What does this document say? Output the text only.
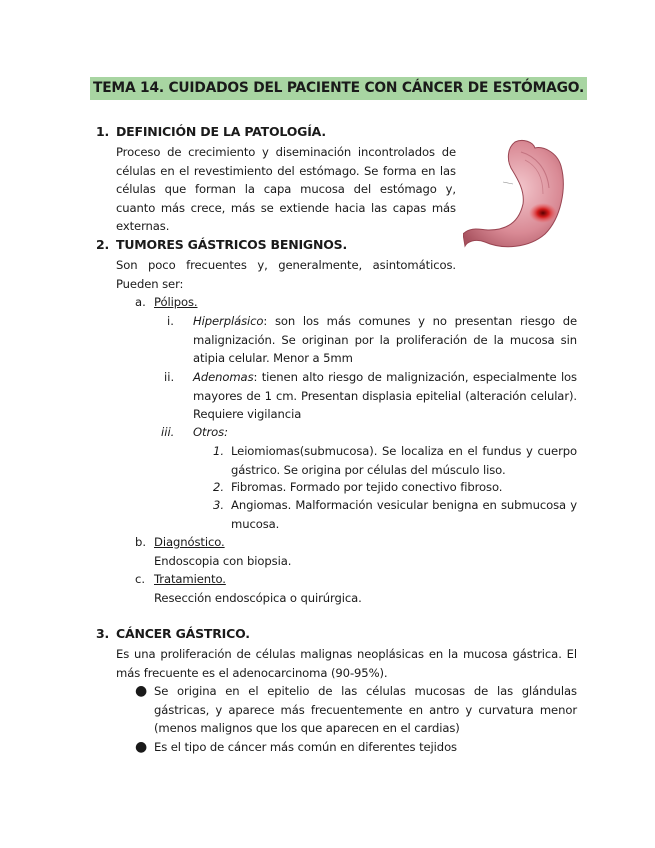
TEMA 14. CUIDADOS DEL PACIENTE CON CÁNCER DE ESTÓMAGO.
1. DEFINICIÓN DE LA PATOLOGÍA.
Proceso de crecimiento y diseminación incontrolados de células en el revestimiento del estómago. Se forma en las células que forman la capa mucosa del estómago y, cuanto más crece, más se extiende hacia las capas más externas.
2. TUMORES GÁSTRICOS BENIGNOS.
Son poco frecuentes y, generalmente, asintomáticos. Pueden ser:
a. Pólipos.
i. Hiperplásico: son los más comunes y no presentan riesgo de malignización. Se originan por la proliferación de la mucosa sin atipia celular. Menor a 5mm
ii. Adenomas: tienen alto riesgo de malignización, especialmente los mayores de 1 cm. Presentan displasia epitelial (alteración celular). Requiere vigilancia
iii. Otros:
1. Leiomiomas(submucosa). Se localiza en el fundus y cuerpo gástrico. Se origina por células del músculo liso.
2. Fibromas. Formado por tejido conectivo fibroso.
3. Angiomas. Malformación vesicular benigna en submucosa y mucosa.
b. Diagnóstico.
Endoscopia con biopsia.
c. Tratamiento.
Resección endoscópica o quirúrgica.
3. CÁNCER GÁSTRICO.
Es una proliferación de células malignas neoplásicas en la mucosa gástrica. El más frecuente es el adenocarcinoma (90-95%).
● Se origina en el epitelio de las células mucosas de las glándulas gástricas, y aparece más frecuentemente en antro y curvatura menor (menos malignos que los que aparecen en el cardias)
● Es el tipo de cáncer más común en diferentes tejidos
